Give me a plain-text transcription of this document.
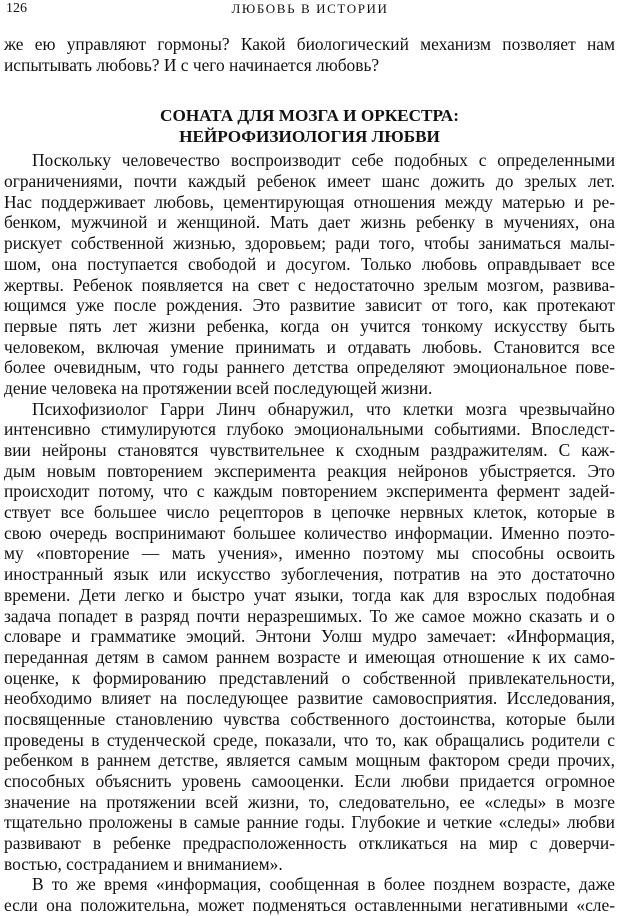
126	ЛЮБОВЬ В ИСТОРИИ
же ею управляют гормоны? Какой биологический механизм позволяет нам
испытывать любовь? И с чего начинается любовь?
СОНАТА ДЛЯ МОЗГА И ОРКЕСТРА:
НЕЙРОФИЗИОЛОГИЯ ЛЮБВИ
Поскольку человечество воспроизводит себе подобных с определенными
ограничениями, почти каждый ребенок имеет шанс дожить до зрелых лет.
Нас поддерживает любовь, цементирующая отношения между матерью и ре-
бенком, мужчиной и женщиной. Мать дает жизнь ребенку в мучениях, она
рискует собственной жизнью, здоровьем; ради того, чтобы заниматься малы-
шом, она поступается свободой и досугом. Только любовь оправдывает все
жертвы. Ребенок появляется на свет с недостаточно зрелым мозгом, развива-
ющимся уже после рождения. Это развитие зависит от того, как протекают
первые пять лет жизни ребенка, когда он учится тонкому искусству быть
человеком, включая умение принимать и отдавать любовь. Становится все
более очевидным, что годы раннего детства определяют эмоциональное пове-
дение человека на протяжении всей последующей жизни.
Психофизиолог Гарри Линч обнаружил, что клетки мозга чрезвычайно
интенсивно стимулируются глубоко эмоциональными событиями. Впоследст-
вии нейроны становятся чувствительнее к сходным раздражителям. С каж-
дым новым повторением эксперимента реакция нейронов убыстряется. Это
происходит потому, что с каждым повторением эксперимента фермент задей-
ствует все большее число рецепторов в цепочке нервных клеток, которые в
свою очередь воспринимают большее количество информации. Именно поэто-
му «повторение — мать учения», именно поэтому мы способны освоить
иностранный язык или искусство зубоглечения, потратив на это достаточно
времени. Дети легко и быстро учат языки, тогда как для взрослых подобная
задача попадет в разряд почти неразрешимых. То же самое можно сказать и о
словаре и грамматике эмоций. Энтони Уолш мудро замечает: «Информация,
переданная детям в самом раннем возрасте и имеющая отношение к их само-
оценке, к формированию представлений о собственной привлекательности,
необходимо влияет на последующее развитие самовосприятия. Исследования,
посвященные становлению чувства собственного достоинства, которые были
проведены в студенческой среде, показали, что то, как обращались родители с
ребенком в раннем детстве, является самым мощным фактором среди прочих,
способных объяснить уровень самооценки. Если любви придается огромное
значение на протяжении всей жизни, то, следовательно, ее «следы» в мозге
тщательно проложены в самые ранние годы. Глубокие и четкие «следы» любви
развивают в ребенке предрасположенность откликаться на мир с доверчи-
востью, состраданием и вниманием».
В то же время «информация, сообщенная в более позднем возрасте, даже
если она положительна, может подменяться оставленными негативными «сле-
